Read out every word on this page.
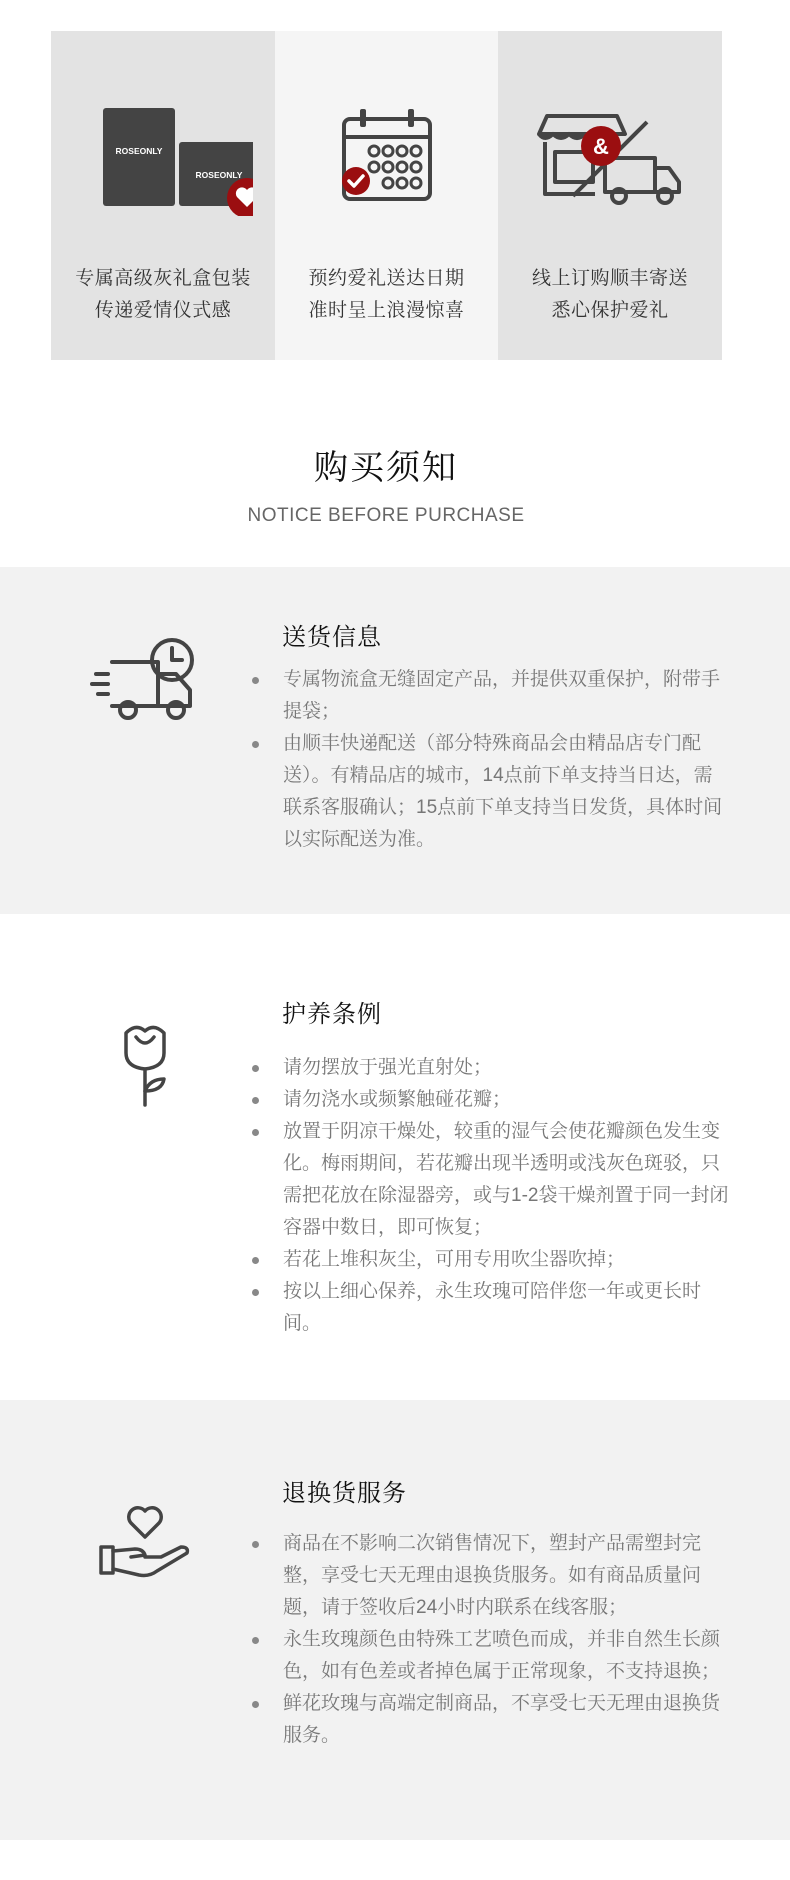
ROSEONLY
ROSEONLY
专属高级灰礼盒包装
传递爱情仪式感
预约爱礼送达日期
准时呈上浪漫惊喜
&
线上订购顺丰寄送
悉心保护爱礼
购买须知
NOTICE BEFORE PURCHASE
送货信息
专属物流盒无缝固定产品，并提供双重保护，附带手提袋；
由顺丰快递配送（部分特殊商品会由精品店专门配送）。有精品店的城市，14点前下单支持当日达，需联系客服确认；15点前下单支持当日发货，具体时间以实际配送为准。
护养条例
请勿摆放于强光直射处；
请勿浇水或频繁触碰花瓣；
放置于阴凉干燥处，较重的湿气会使花瓣颜色发生变化。梅雨期间，若花瓣出现半透明或浅灰色斑驳，只需把花放在除湿器旁，或与1-2袋干燥剂置于同一封闭容器中数日，即可恢复；
若花上堆积灰尘，可用专用吹尘器吹掉；
按以上细心保养，永生玫瑰可陪伴您一年或更长时间。
退换货服务
商品在不影响二次销售情况下，塑封产品需塑封完整，享受七天无理由退换货服务。如有商品质量问题，请于签收后24小时内联系在线客服；
永生玫瑰颜色由特殊工艺喷色而成，并非自然生长颜色，如有色差或者掉色属于正常现象，不支持退换；
鲜花玫瑰与高端定制商品，不享受七天无理由退换货服务。
